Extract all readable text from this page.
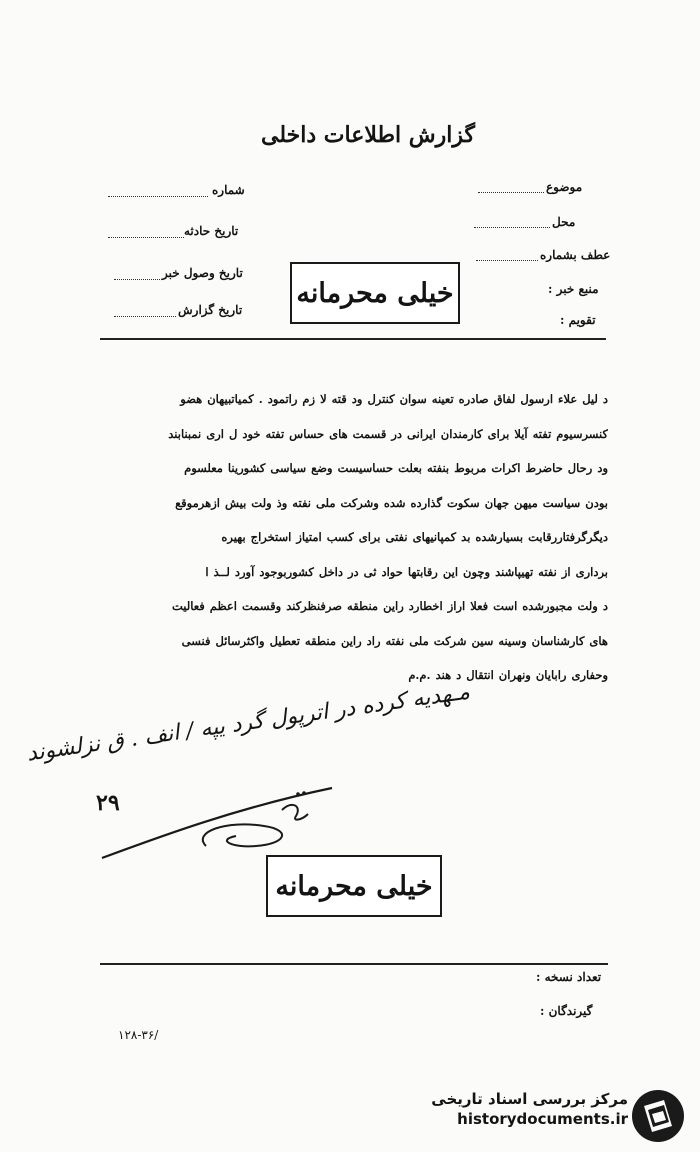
گزارش اطلاعات داخلی
شماره
تاریخ حادثه
تاریخ وصول خبر
تاریخ گزارش
موضوع
محل
عطف بشماره
منبع خبر :
تقویم :
خیلی محرمانه
د لیل علاء ارسول لفاق صادره تعینه سوان کنترل ود قته لا زم راتمود . کمیاتبیهان هضو
کنسرسیوم تفته آیلا برای کارمندان ایرانی در قسمت های حساس تفته خود ل اری نمبنابند
ود رحال حاضرط اکرات مربوط بنفته بعلت حساسیست وضع سیاسی کشورینا معلسوم
بودن سیاست میهن جهان سکوت گذارده شده وشرکت ملی نفته وذ ولت بیش ازهرموقع
دیگرگرفتاررقابت بسیارشده بد کمپانیهای نفتی برای کسب امتیاز استخراج بهیره
برداری از نفته تهیپاشند وچون این رقابتها حواد ثی در داخل کشوربوجود آورد لــذ ا
د ولت مجبورشده است فعلا اراز اخطارد راین منطقه صرفنظرکند وقسمت اعظم فعالیت
های کارشناسان وسینه سین شرکت ملی نفته راد راین منطقه تعطیل واکثرسائل فنسی
وحفاری رابایان ونهران انتقال د هند .م.م
مـهدیه کرده در اترپول گرد یپه / انف . ق نزلشوند
۲۹
خیلی محرمانه
تعداد نسخه :
گیرندگان :
۱۲۸-۳۶/
مرکز بررسی اسناد تاریخی
historydocuments.ir
